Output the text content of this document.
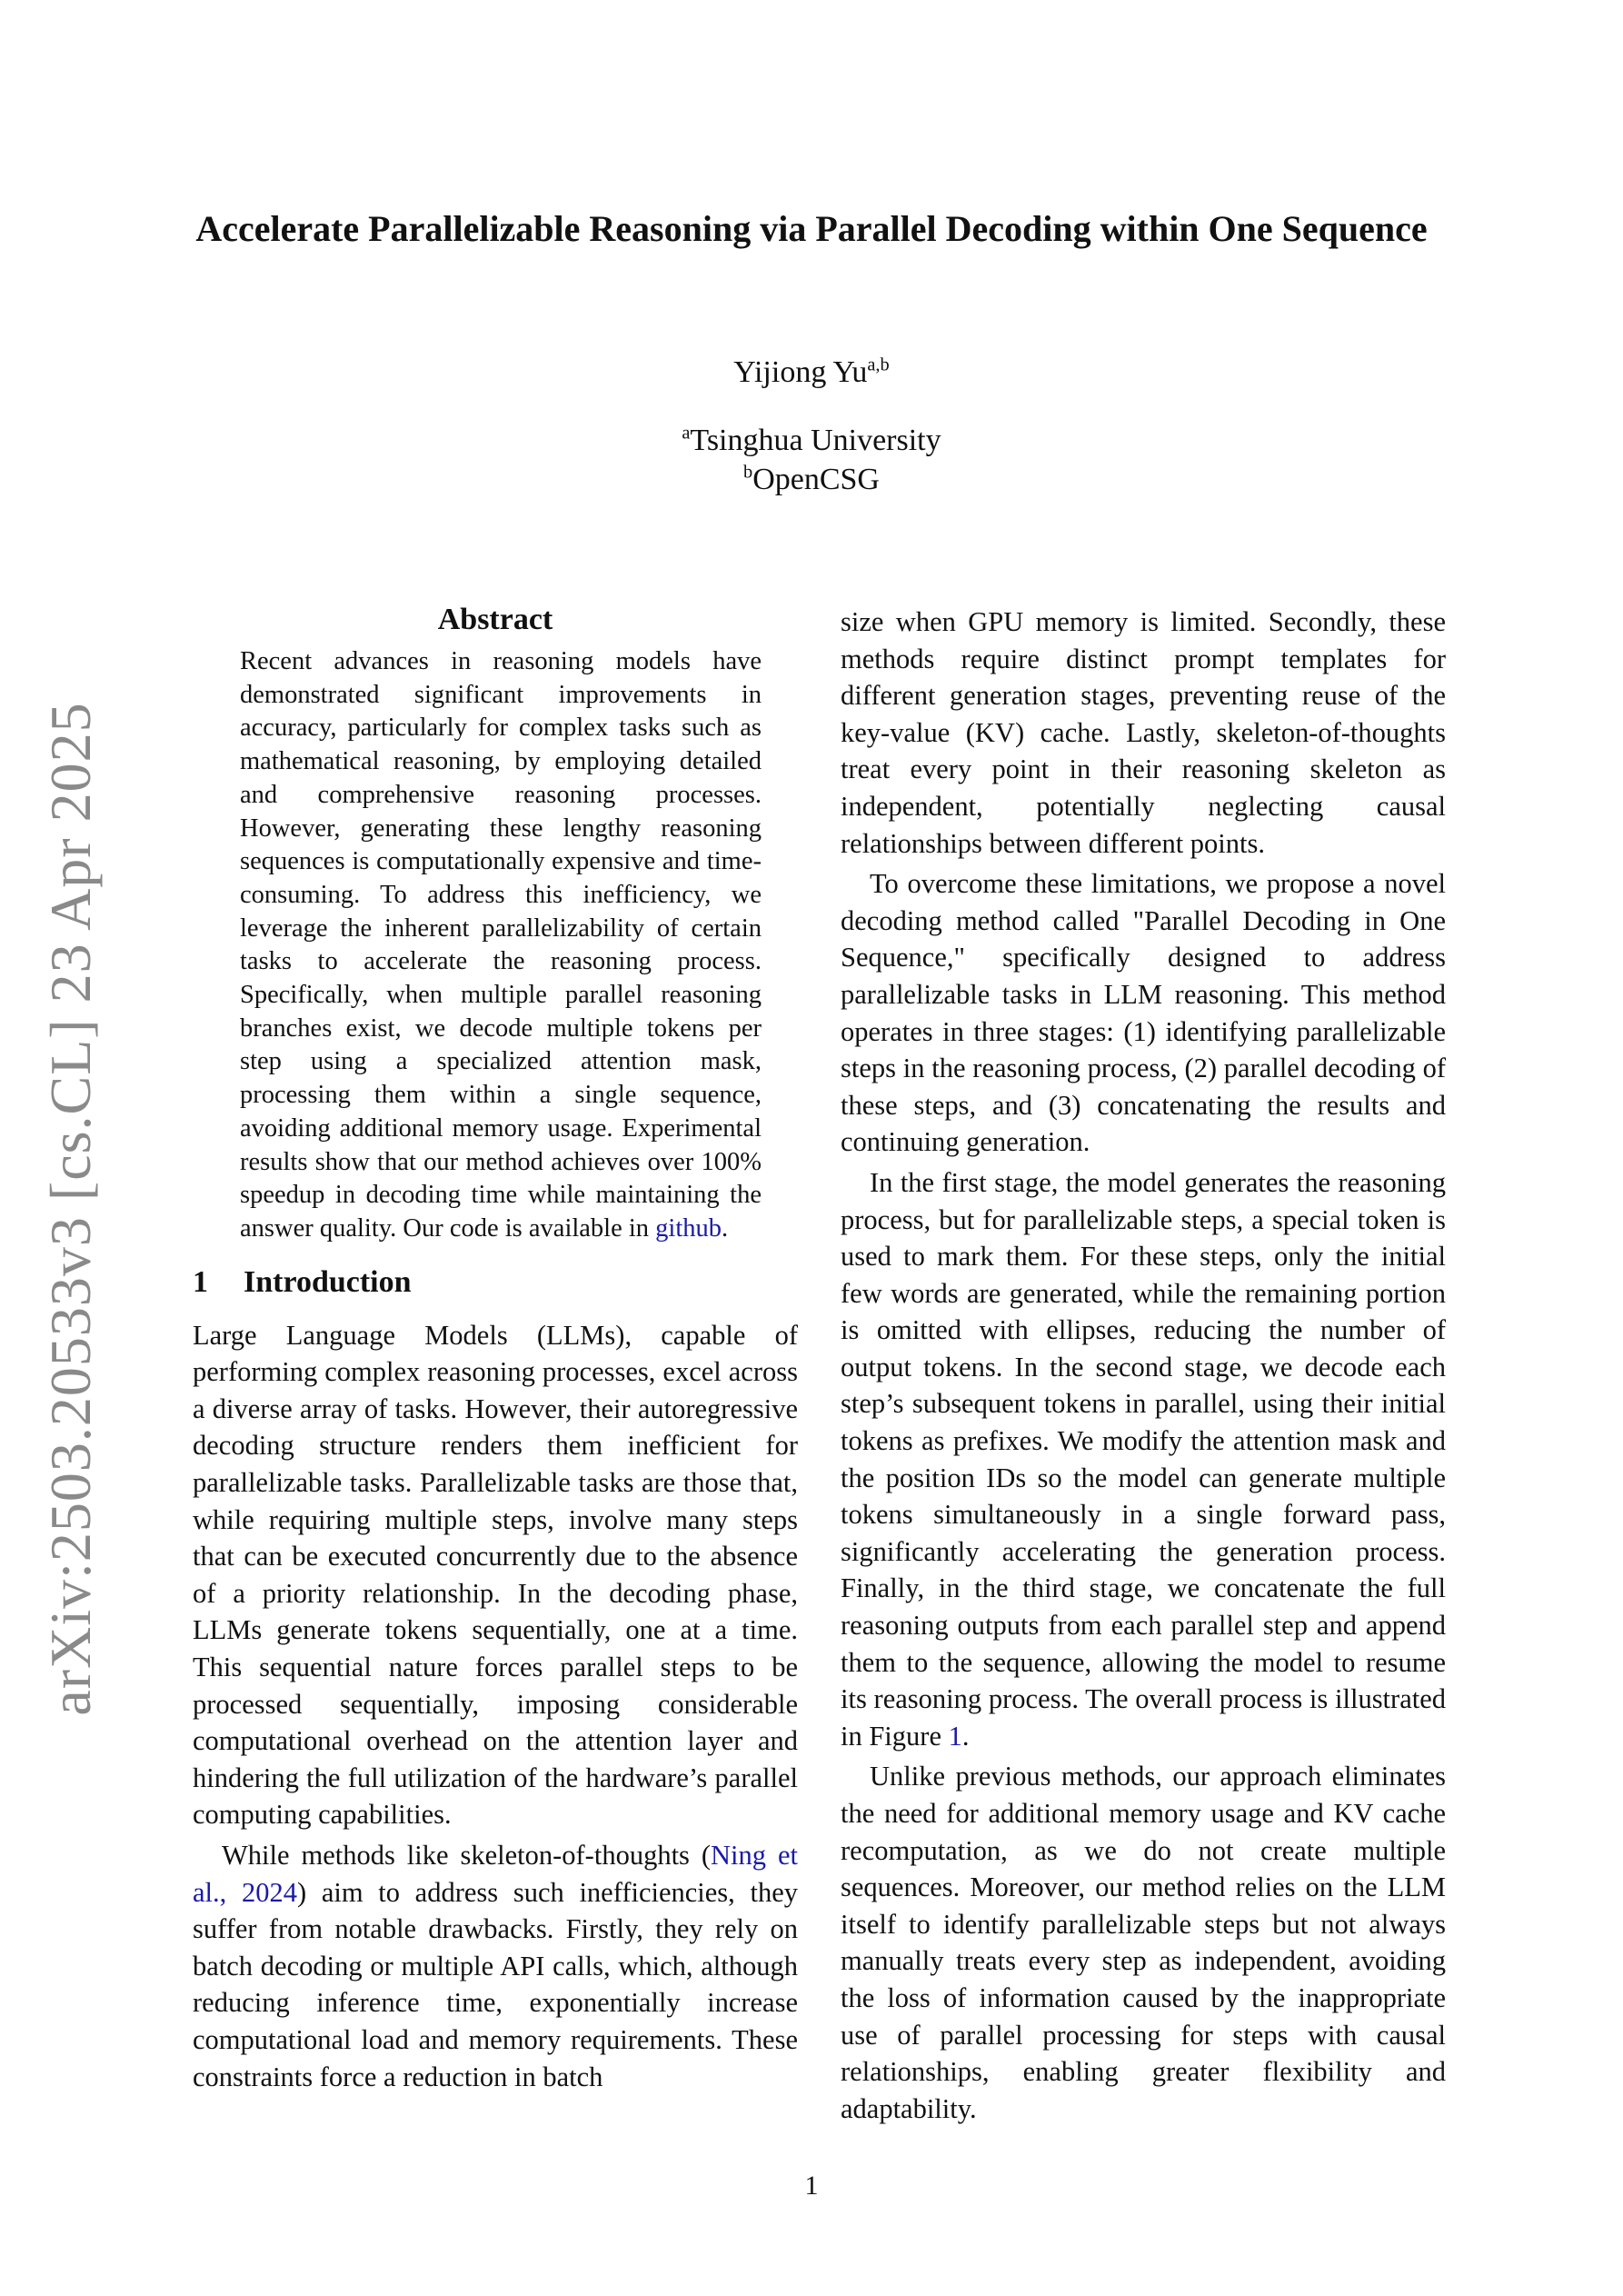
arXiv:2503.20533v3 [cs.CL] 23 Apr 2025
Accelerate Parallelizable Reasoning via Parallel Decoding within One Sequence
Yijiong Yu$^{a,b}$
$^a$Tsinghua University
$^b$OpenCSG
Abstract
Recent advances in reasoning models have demonstrated significant improvements in accuracy, particularly for complex tasks such as mathematical reasoning, by employing detailed and comprehensive reasoning processes. However, generating these lengthy reasoning sequences is computationally expensive and time-consuming. To address this inefficiency, we leverage the inherent parallelizability of certain tasks to accelerate the reasoning process. Specifically, when multiple parallel reasoning branches exist, we decode multiple tokens per step using a specialized attention mask, processing them within a single sequence, avoiding additional memory usage. Experimental results show that our method achieves over 100% speedup in decoding time while maintaining the answer quality. Our code is available in github.
1 Introduction

Large Language Models (LLMs), capable of performing complex reasoning processes, excel across a diverse array of tasks. However, their autoregressive decoding structure renders them inefficient for parallelizable tasks. Parallelizable tasks are those that, while requiring multiple steps, involve many steps that can be executed concurrently due to the absence of a priority relationship. In the decoding phase, LLMs generate tokens sequentially, one at a time. This sequential nature forces parallel steps to be processed sequentially, imposing considerable computational overhead on the attention layer and hindering the full utilization of the hardware’s parallel computing capabilities.

While methods like skeleton-of-thoughts (Ning et al., 2024) aim to address such inefficiencies, they suffer from notable drawbacks. Firstly, they rely on batch decoding or multiple API calls, which, although reducing inference time, exponentially increase computational load and memory requirements. These constraints force a reduction in batch

size when GPU memory is limited. Secondly, these methods require distinct prompt templates for different generation stages, preventing reuse of the key-value (KV) cache. Lastly, skeleton-of-thoughts treat every point in their reasoning skeleton as independent, potentially neglecting causal relationships between different points.

To overcome these limitations, we propose a novel decoding method called "Parallel Decoding in One Sequence," specifically designed to address parallelizable tasks in LLM reasoning. This method operates in three stages: (1) identifying parallelizable steps in the reasoning process, (2) parallel decoding of these steps, and (3) concatenating the results and continuing generation.

In the first stage, the model generates the reasoning process, but for parallelizable steps, a special token is used to mark them. For these steps, only the initial few words are generated, while the remaining portion is omitted with ellipses, reducing the number of output tokens. In the second stage, we decode each step’s subsequent tokens in parallel, using their initial tokens as prefixes. We modify the attention mask and the position IDs so the model can generate multiple tokens simultaneously in a single forward pass, significantly accelerating the generation process. Finally, in the third stage, we concatenate the full reasoning outputs from each parallel step and append them to the sequence, allowing the model to resume its reasoning process. The overall process is illustrated in Figure 1.

Unlike previous methods, our approach eliminates the need for additional memory usage and KV cache recomputation, as we do not create multiple sequences. Moreover, our method relies on the LLM itself to identify parallelizable steps but not always manually treats every step as independent, avoiding the loss of information caused by the inappropriate use of parallel processing for steps with causal relationships, enabling greater flexibility and adaptability.

1
